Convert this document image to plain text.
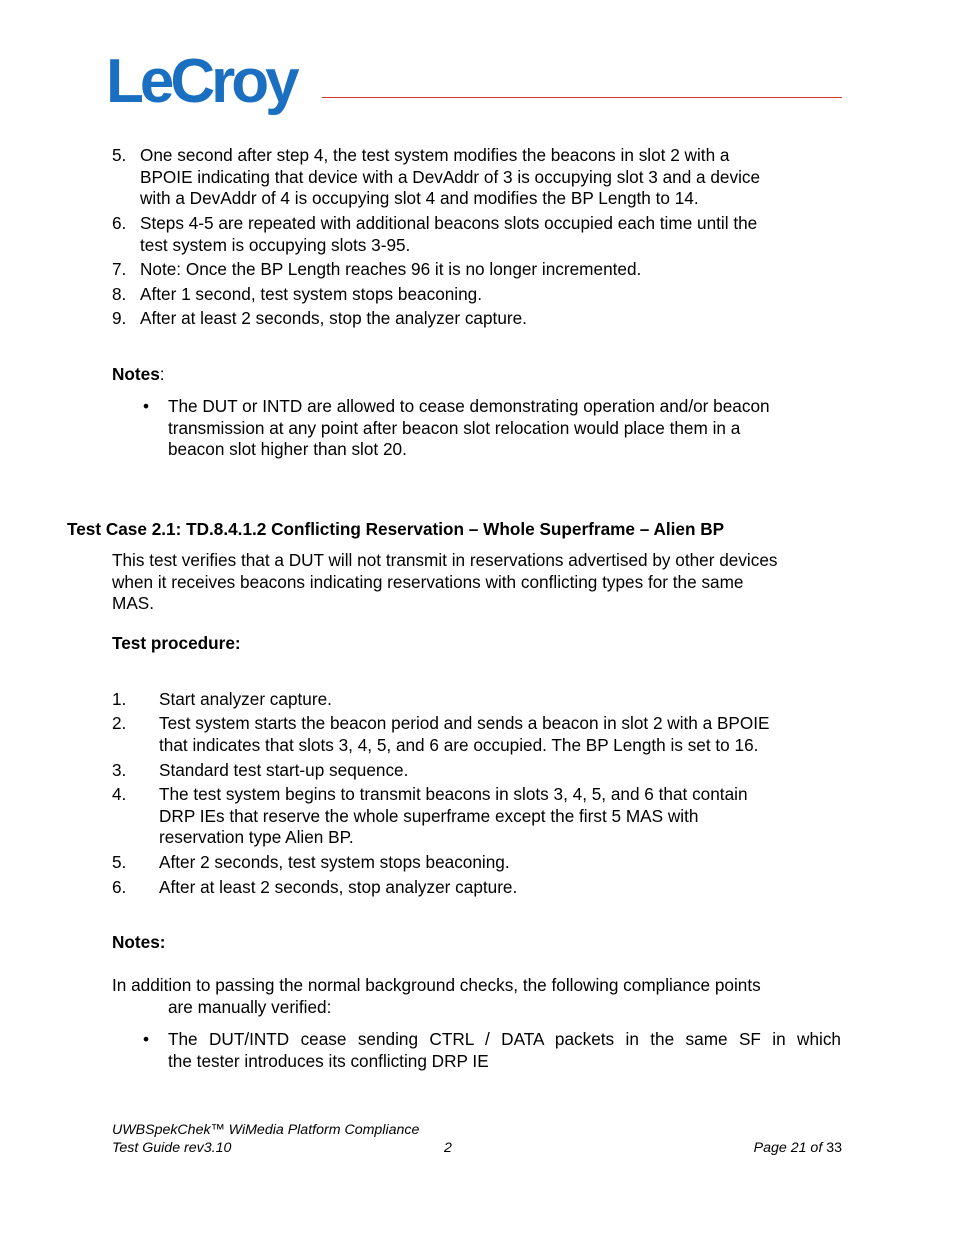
LeCroy
5. One second after step 4, the test system modifies the beacons in slot 2 with a
BPOIE indicating that device with a DevAddr of 3 is occupying slot 3 and a device
with a DevAddr of 4 is occupying slot 4 and modifies the BP Length to 14.
6. Steps 4-5 are repeated with additional beacons slots occupied each time until the
test system is occupying slots 3-95.
7. Note: Once the BP Length reaches 96 it is no longer incremented.
8. After 1 second, test system stops beaconing.
9. After at least 2 seconds, stop the analyzer capture.
Notes:
• The DUT or INTD are allowed to cease demonstrating operation and/or beacon
transmission at any point after beacon slot relocation would place them in a
beacon slot higher than slot 20.
Test Case 2.1: TD.8.4.1.2 Conflicting Reservation – Whole Superframe – Alien BP
This test verifies that a DUT will not transmit in reservations advertised by other devices
when it receives beacons indicating reservations with conflicting types for the same
MAS.
Test procedure:
1. Start analyzer capture.
2. Test system starts the beacon period and sends a beacon in slot 2 with a BPOIE
that indicates that slots 3, 4, 5, and 6 are occupied. The BP Length is set to 16.
3. Standard test start-up sequence.
4. The test system begins to transmit beacons in slots 3, 4, 5, and 6 that contain
DRP IEs that reserve the whole superframe except the first 5 MAS with
reservation type Alien BP.
5. After 2 seconds, test system stops beaconing.
6. After at least 2 seconds, stop analyzer capture.
Notes:
In addition to passing the normal background checks, the following compliance points
are manually verified:
• The DUT/INTD cease sending CTRL / DATA packets in the same SF in which
the tester introduces its conflicting DRP IE
UWBSpekChek™ WiMedia Platform Compliance
Test Guide rev3.10	2	Page 21 of 33
